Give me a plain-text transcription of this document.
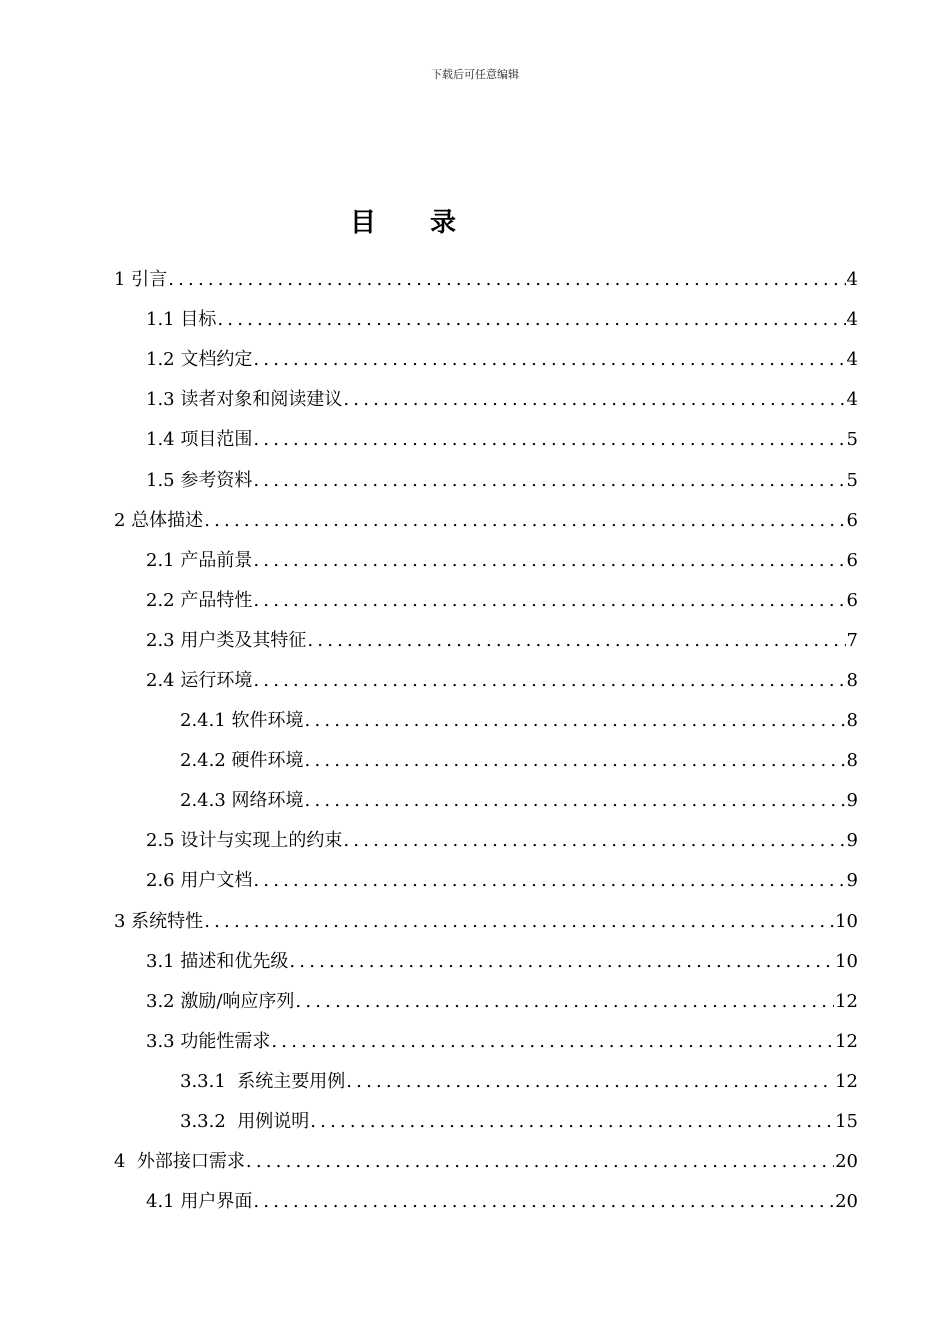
下载后可任意编辑
目录
1 引言 .....	4
1.1 目标 .....	4
1.2 文档约定 .....	4
1.3 读者对象和阅读建议 .....	4
1.4 项目范围 .....	5
1.5 参考资料 .....	5
2 总体描述 .....	6
2.1 产品前景 .....	6
2.2 产品特性 .....	6
2.3 用户类及其特征 .....	7
2.4 运行环境 .....	8
2.4.1 软件环境 .....	8
2.4.2 硬件环境 .....	8
2.4.3 网络环境 .....	9
2.5 设计与实现上的约束 .....	9
2.6 用户文档 .....	9
3 系统特性 .....	10
3.1 描述和优先级 .....	10
3.2 激励/响应序列 .....	12
3.3 功能性需求 .....	12
3.3.1  系统主要用例 .....	12
3.3.2  用例说明 .....	15
4  外部接口需求 .....	20
4.1 用户界面 .....	20
